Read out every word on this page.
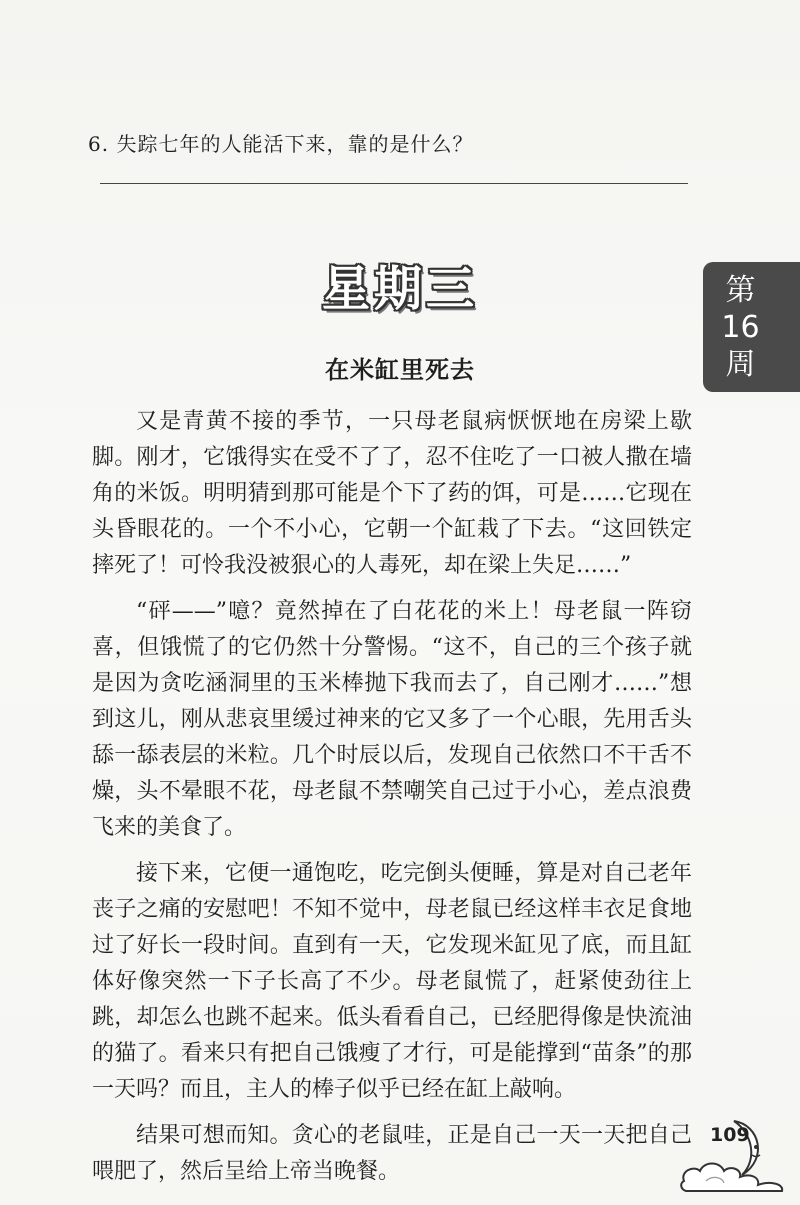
6. 失踪七年的人能活下来，靠的是什么？
星期三	第
16
周
在米缸里死去

又是青黄不接的季节，一只母老鼠病恹恹地在房梁上歇脚。刚才，它饿得实在受不了了，忍不住吃了一口被人撒在墙角的米饭。明明猜到那可能是个下了药的饵，可是……它现在头昏眼花的。一个不小心，它朝一个缸栽了下去。“这回铁定摔死了！可怜我没被狠心的人毒死，却在梁上失足……”

“砰——”噫？竟然掉在了白花花的米上！母老鼠一阵窃喜，但饿慌了的它仍然十分警惕。“这不，自己的三个孩子就是因为贪吃涵洞里的玉米棒抛下我而去了，自己刚才……”想到这儿，刚从悲哀里缓过神来的它又多了一个心眼，先用舌头舔一舔表层的米粒。几个时辰以后，发现自己依然口不干舌不燥，头不晕眼不花，母老鼠不禁嘲笑自己过于小心，差点浪费飞来的美食了。

接下来，它便一通饱吃，吃完倒头便睡，算是对自己老年丧子之痛的安慰吧！不知不觉中，母老鼠已经这样丰衣足食地过了好长一段时间。直到有一天，它发现米缸见了底，而且缸体好像突然一下子长高了不少。母老鼠慌了，赶紧使劲往上跳，却怎么也跳不起来。低头看看自己，已经肥得像是快流油的猫了。看来只有把自己饿瘦了才行，可是能撑到“苗条”的那一天吗？而且，主人的棒子似乎已经在缸上敲响。

结果可想而知。贪心的老鼠哇，正是自己一天一天把自己喂肥了，然后呈给上帝当晚餐。

109
